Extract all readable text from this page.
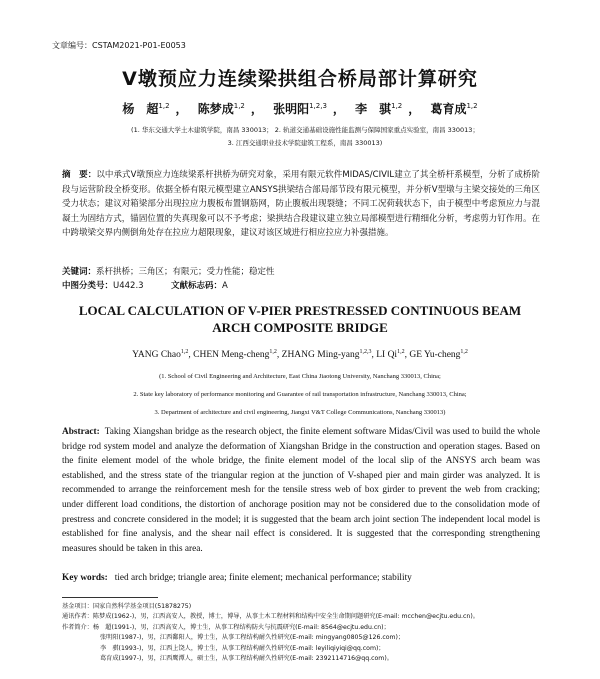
文章编号：CSTAM2021-P01-E0053
V墩预应力连续梁拱组合桥局部计算研究
杨　超$^{1,2}$ ， 陈梦成$^{1,2}$ ， 张明阳$^{1,2,3}$ ， 李　骐$^{1,2}$ ， 葛育成$^{1,2}$
(1. 华东交通大学土木建筑学院，南昌 330013； 2. 轨道交通基础设施性能监测与保障国家重点实验室，南昌 330013；
3. 江西交通职业技术学院建筑工程系，南昌 330013)
摘　要：以中承式V墩预应力连续梁系杆拱桥为研究对象，采用有限元软件MIDAS/CIVIL建立了其全桥杆系模型，分析了成桥阶段与运营阶段全桥变形。依据全桥有限元模型建立ANSYS拱梁结合部局部节段有限元模型，并分析V型墩与主梁交接处的三角区受力状态；建议对箱梁部分出现拉应力腹板布置钢筋网，防止腹板出现裂缝；不同工况荷载状态下，由于模型中考虑预应力与混凝土为固结方式，锚固位置的失真现象可以不予考虑；梁拱结合段建议建立独立局部模型进行精细化分析，考虑剪力钉作用。在中跨墩梁交界内侧倒角处存在拉应力超限现象，建议对该区域进行相应拉应力补强措施。
关键词：系杆拱桥；三角区；有限元；受力性能；稳定性
中图分类号：U442.3	文献标志码：A
LOCAL CALCULATION OF V-PIER PRESTRESSED CONTINUOUS BEAM
ARCH COMPOSITE BRIDGE
YANG Chao$^{1,2}$, CHEN Meng-cheng$^{1,2}$, ZHANG Ming-yang$^{1,2,3}$, LI Qi$^{1,2}$, GE Yu-cheng$^{1,2}$
(1. School of Civil Engineering and Architecture, East China Jiaotong University, Nanchang 330013, China;
2. State key laboratory of performance monitoring and Guarantee of rail transportation infrastructure, Nanchang 330013, China;
3. Department of architecture and civil engineering, Jiangxi V&T College Communications, Nanchang 330013)
Abstract: Taking Xiangshan bridge as the research object, the finite element software Midas/Civil was used to build the whole bridge rod system model and analyze the deformation of Xiangshan Bridge in the construction and operation stages. Based on the finite element model of the whole bridge, the finite element model of the local slip of the ANSYS arch beam was established, and the stress state of the triangular region at the junction of V-shaped pier and main girder was analyzed. It is recommended to arrange the reinforcement mesh for the tensile stress web of box girder to prevent the web from cracking; under different load conditions, the distortion of anchorage position may not be considered due to the consolidation mode of prestress and concrete considered in the model; it is suggested that the beam arch joint section The independent local model is established for fine analysis, and the shear nail effect is considered. It is suggested that the corresponding strengthening measures should be taken in this area.
Key words: tied arch bridge; triangle area; finite element; mechanical performance; stability
基金项目：国家自然科学基金项目(51878275)
通讯作者：陈梦成(1962-)，男，江西高安人，教授，博士，博导，从事土木工程材料和结构中安全生命期问题研究(E-mail: mcchen@ecjtu.edu.cn)。
作者简介：杨　超(1991-)，男，江西高安人，博士生，从事工程结构防火与抗震研究(E-mail: 8564@ecjtu.edu.cn)；
张明阳(1987-)，男，江西鄱阳人，博士生，从事工程结构耐久性研究(E-mail: mingyang0805@126.com)；
李　骐(1993-)，男，江西上饶人，博士生，从事工程结构耐久性研究(E-mail: leyiliqiyiqi@qq.com)；
葛育成(1997-)，男，江西鹰潭人，硕士生，从事工程结构耐久性研究(E-mail: 2392114716@qq.com)。
